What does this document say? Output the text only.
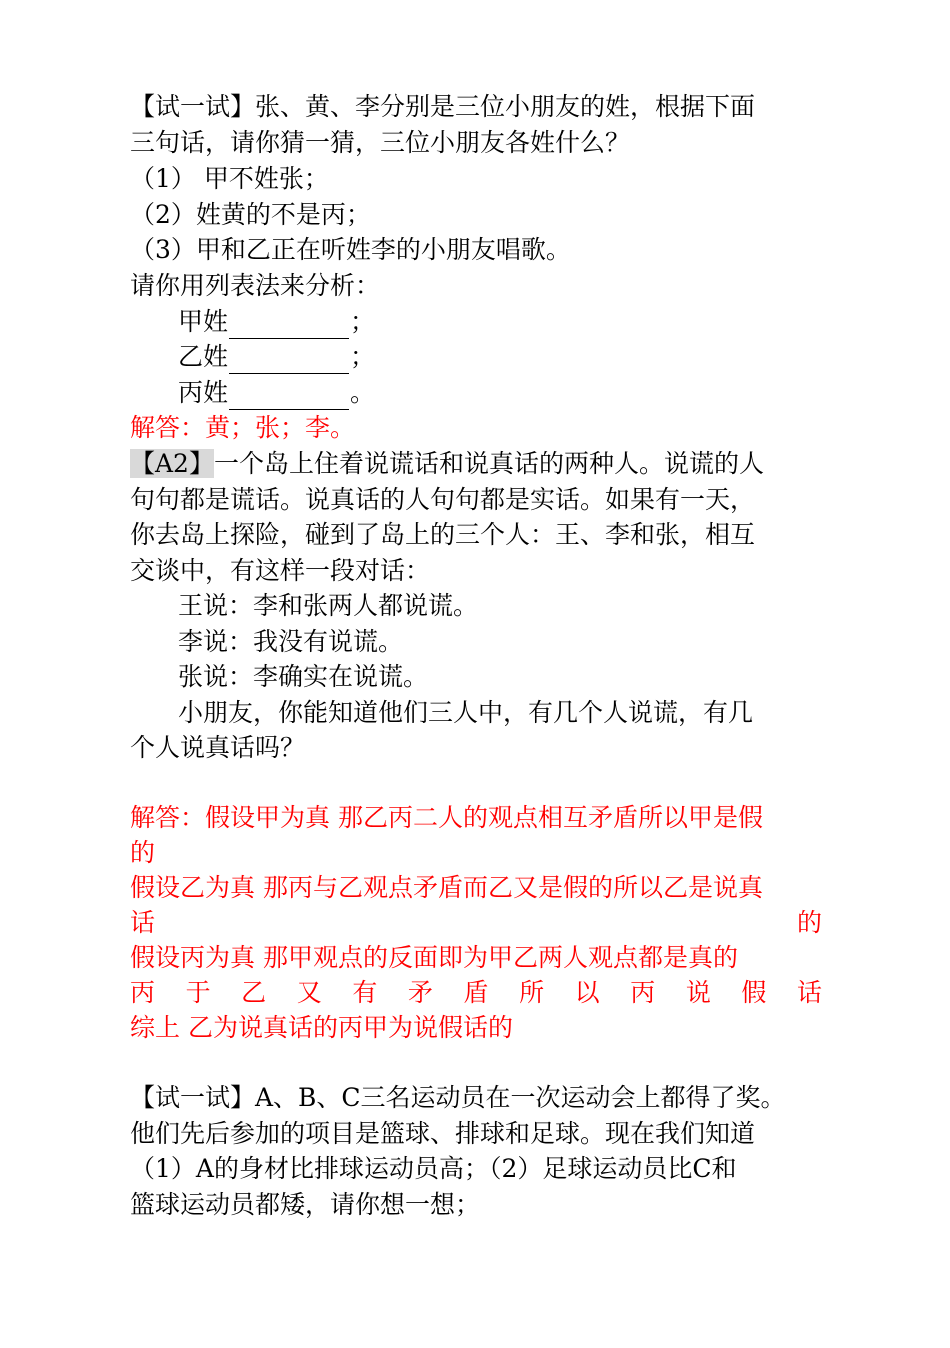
【试一试】张、黄、李分别是三位小朋友的姓，根据下面
三句话，请你猜一猜，三位小朋友各姓什么？
（1） 甲不姓张；
（2）姓黄的不是丙；
（3）甲和乙正在听姓李的小朋友唱歌。
请你用列表法来分析：
甲姓	；
乙姓	；
丙姓	。
解答：黄；张；李。
【A2】一个岛上住着说谎话和说真话的两种人。说谎的人
句句都是谎话。说真话的人句句都是实话。如果有一天，
你去岛上探险，碰到了岛上的三个人：王、李和张，相互
交谈中，有这样一段对话：
王说：李和张两人都说谎。
李说：我没有说谎。
张说：李确实在说谎。
小朋友，你能知道他们三人中，有几个人说谎，有几
个人说真话吗？
解答：假设甲为真 那乙丙二人的观点相互矛盾所以甲是假
的
假设乙为真 那丙与乙观点矛盾而乙又是假的所以乙是说真
话 的
假设丙为真 那甲观点的反面即为甲乙两人观点都是真的
丙 于 乙 又 有 矛 盾 所 以 丙 说 假 话
综上 乙为说真话的丙甲为说假话的
【试一试】A、B、C三名运动员在一次运动会上都得了奖。
他们先后参加的项目是篮球、排球和足球。现在我们知道
（1）A的身材比排球运动员高；（2）足球运动员比C和
篮球运动员都矮，请你想一想；
